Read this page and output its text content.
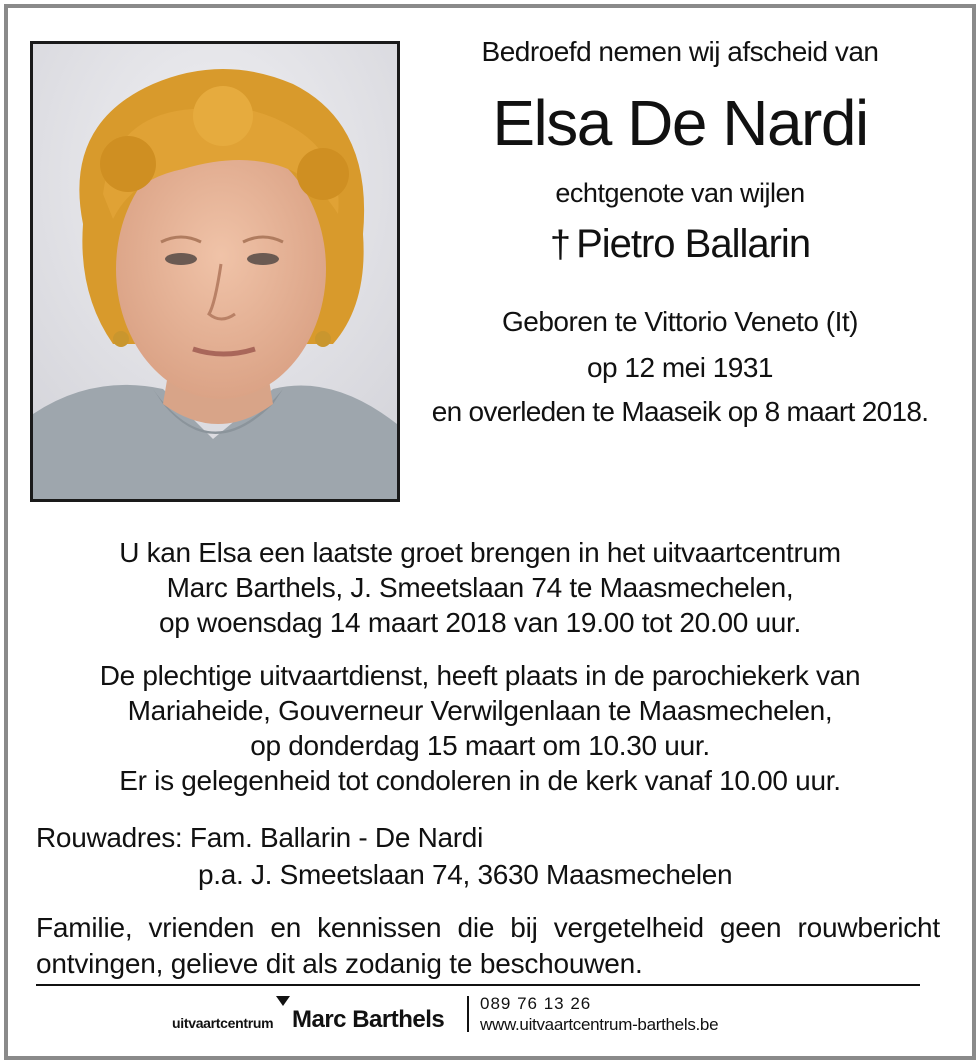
Bedroefd nemen wij afscheid van
Elsa De Nardi
echtgenote van wijlen
† Pietro Ballarin
Geboren te Vittorio Veneto (It)
op 12 mei 1931
en overleden te Maaseik op 8 maart 2018.
U kan Elsa een laatste groet brengen in het uitvaartcentrum
Marc Barthels, J. Smeetslaan 74 te Maasmechelen,
op woensdag 14 maart 2018 van 19.00 tot 20.00 uur.
De plechtige uitvaartdienst, heeft plaats in de parochiekerk van
Mariaheide, Gouverneur Verwilgenlaan te Maasmechelen,
op donderdag 15 maart om 10.30 uur.
Er is gelegenheid tot condoleren in de kerk vanaf 10.00 uur.
Rouwadres: Fam. Ballarin - De Nardi
p.a. J. Smeetslaan 74, 3630 Maasmechelen
Familie, vrienden en kennissen die bij vergetelheid geen rouwbericht
ontvingen, gelieve dit als zodanig te beschouwen.
uitvaartcentrum Marc Barthels
089 76 13 26
www.uitvaartcentrum-barthels.be
